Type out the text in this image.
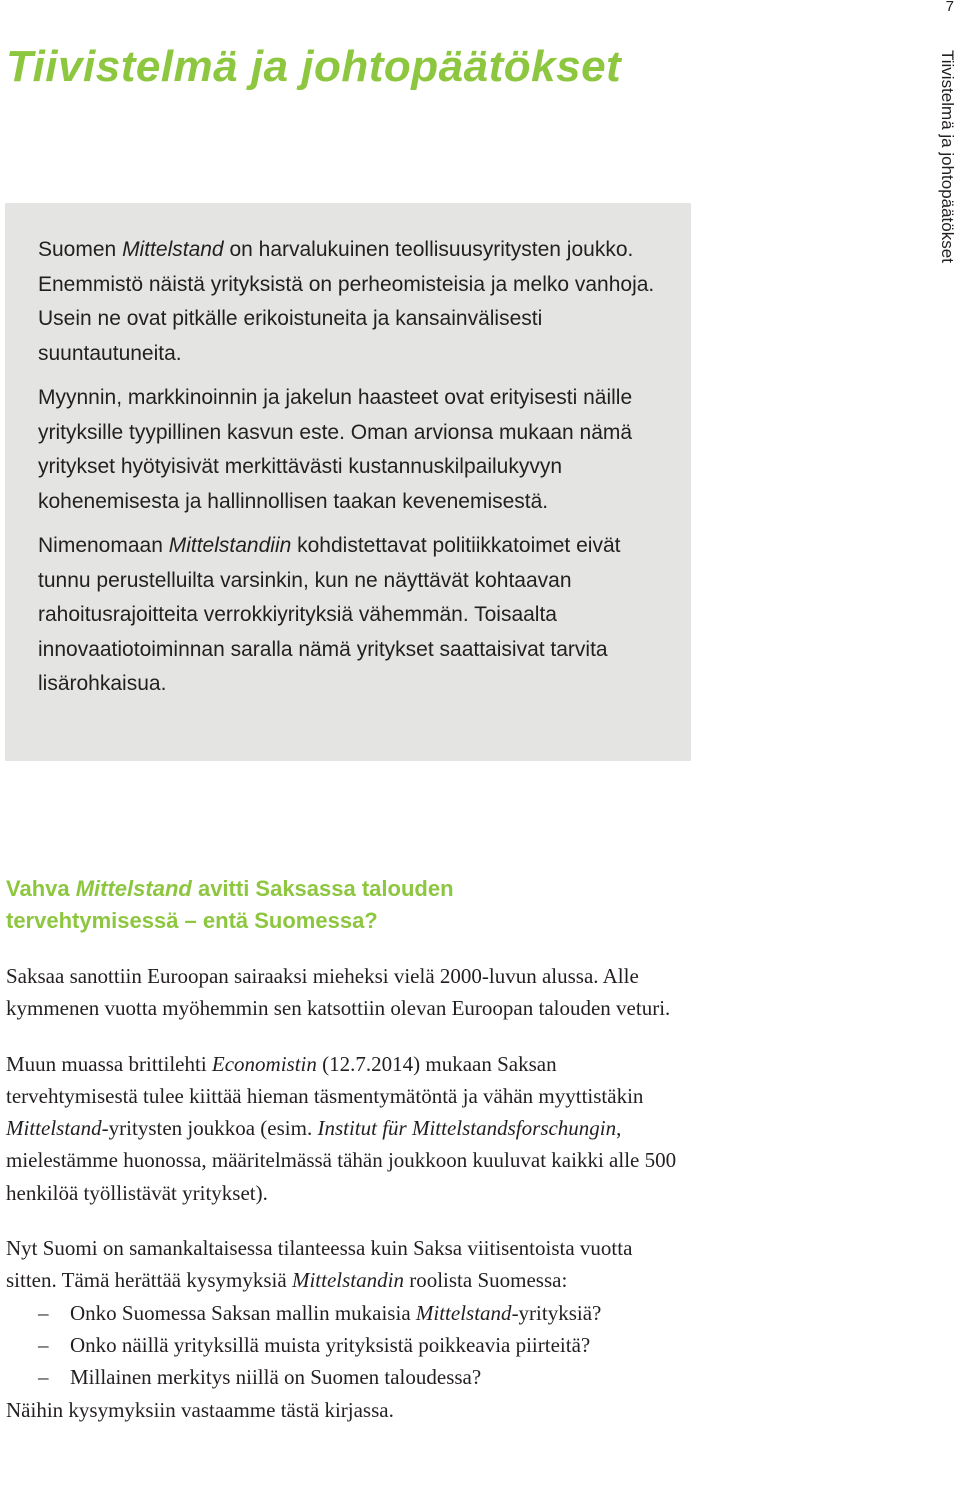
7
Tiivistelmä ja johtopäätökset
Tiivistelmä ja johtopäätökset

Suomen Mittelstand on harvalukuinen teollisuusyritysten joukko. Enemmistö näistä yrityksistä on perheomisteisia ja melko vanhoja. Usein ne ovat pitkälle erikoistuneita ja kansainvälisesti suuntautuneita.

Myynnin, markkinoinnin ja jakelun haasteet ovat erityisesti näille yrityksille tyypillinen kasvun este. Oman arvionsa mukaan nämä yritykset hyötyisivät merkittävästi kustannuskilpailukyvyn kohenemisesta ja hallinnollisen taakan kevenemisestä.

Nimenomaan Mittelstandiin kohdistettavat politiikkatoimet eivät tunnu perustelluilta varsinkin, kun ne näyttävät kohtaavan rahoitusrajoitteita verrokkiyrityksiä vähemmän. Toisaalta innovaatiotoiminnan saralla nämä yritykset saattaisivat tarvita lisärohkaisua.

Vahva Mittelstand avitti Saksassa talouden tervehtymisessä – entä Suomessa?

Saksaa sanottiin Euroopan sairaaksi mieheksi vielä 2000-luvun alussa. Alle kymmenen vuotta myöhemmin sen katsottiin olevan Euroopan talouden veturi.

Muun muassa brittilehti Economistin (12.7.2014) mukaan Saksan tervehtymisestä tulee kiittää hieman täsmentymätöntä ja vähän myyttistäkin Mittelstand-yritysten joukkoa (esim. Institut für Mittelstandsforschungin, mielestämme huonossa, määritelmässä tähän joukkoon kuuluvat kaikki alle 500 henkilöä työllistävät yritykset).

Nyt Suomi on samankaltaisessa tilanteessa kuin Saksa viitisentoista vuotta sitten. Tämä herättää kysymyksiä Mittelstandin roolista Suomessa:

– Onko Suomessa Saksan mallin mukaisia Mittelstand-yrityksiä?
– Onko näillä yrityksillä muista yrityksistä poikkeavia piirteitä?
– Millainen merkitys niillä on Suomen taloudessa?

Näihin kysymyksiin vastaamme tästä kirjassa.
